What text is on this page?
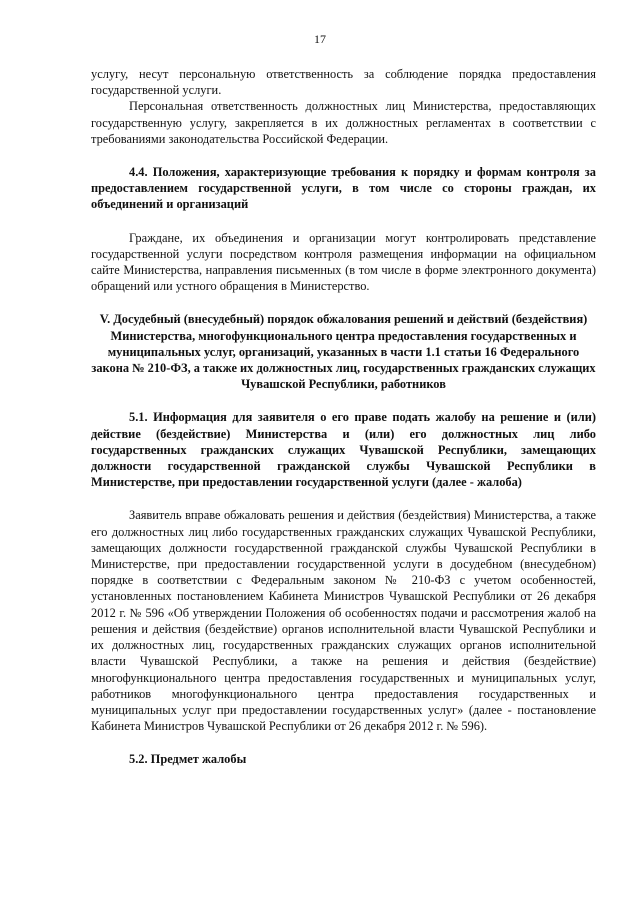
17

услугу, несут персональную ответственность за соблюдение порядка предоставления государственной услуги.

Персональная ответственность должностных лиц Министерства, предоставляющих государственную услугу, закрепляется в их должностных регламентах в соответствии с требованиями законодательства Российской Федерации.

4.4. Положения, характеризующие требования к порядку и формам контроля за предоставлением государственной услуги, в том числе со стороны граждан, их объединений и организаций

Граждане, их объединения и организации могут контролировать представление государственной услуги посредством контроля размещения информации на официальном сайте Министерства, направления письменных (в том числе в форме электронного документа) обращений или устного обращения в Министерство.

V. Досудебный (внесудебный) порядок обжалования решений и действий (бездействия) Министерства, многофункционального центра предоставления государственных и муниципальных услуг, организаций, указанных в части 1.1 статьи 16 Федерального закона № 210-ФЗ, а также их должностных лиц, государственных гражданских служащих Чувашской Республики, работников

5.1. Информация для заявителя о его праве подать жалобу на решение и (или) действие (бездействие) Министерства и (или) его должностных лиц либо государственных гражданских служащих Чувашской Республики, замещающих должности государственной гражданской службы Чувашской Республики в Министерстве, при предоставлении государственной услуги (далее - жалоба)

Заявитель вправе обжаловать решения и действия (бездействия) Министерства, а также его должностных лиц либо государственных гражданских служащих Чувашской Республики, замещающих должности государственной гражданской службы Чувашской Республики в Министерстве, при предоставлении государственной услуги в досудебном (внесудебном) порядке в соответствии с Федеральным законом № 210-ФЗ с учетом особенностей, установленных постановлением Кабинета Министров Чувашской Республики от 26 декабря 2012 г. № 596 «Об утверждении Положения об особенностях подачи и рассмотрения жалоб на решения и действия (бездействие) органов исполнительной власти Чувашской Республики и их должностных лиц, государственных гражданских служащих органов исполнительной власти Чувашской Республики, а также на решения и действия (бездействие) многофункционального центра предоставления государственных и муниципальных услуг, работников многофункционального центра предоставления государственных и муниципальных услуг при предоставлении государственных услуг» (далее - постановление Кабинета Министров Чувашской Республики от 26 декабря 2012 г. № 596).

5.2. Предмет жалобы
